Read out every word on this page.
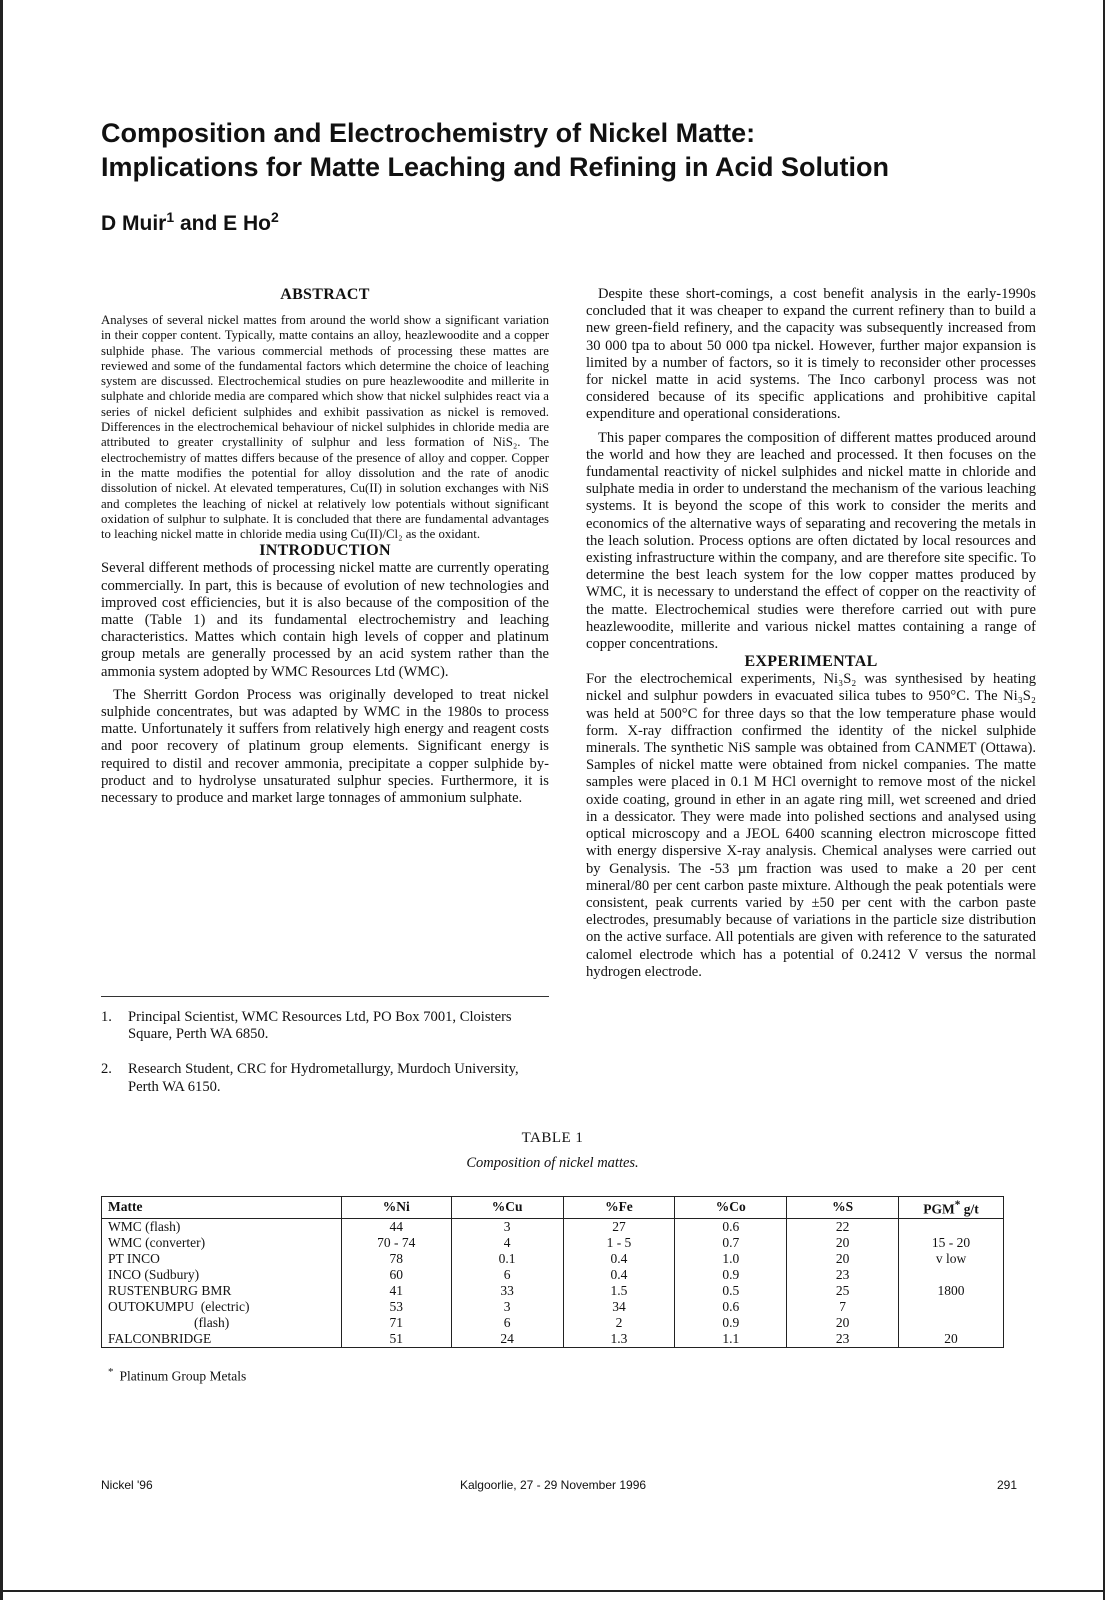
Composition and Electrochemistry of Nickel Matte:
Implications for Matte Leaching and Refining in Acid Solution
D Muir$^1$ and E Ho$^2$
ABSTRACT

Analyses of several nickel mattes from around the world show a significant variation in their copper content. Typically, matte contains an alloy, heazlewoodite and a copper sulphide phase. The various commercial methods of processing these mattes are reviewed and some of the fundamental factors which determine the choice of leaching system are discussed. Electrochemical studies on pure heazlewoodite and millerite in sulphate and chloride media are compared which show that nickel sulphides react via a series of nickel deficient sulphides and exhibit passivation as nickel is removed. Differences in the electrochemical behaviour of nickel sulphides in chloride media are attributed to greater crystallinity of sulphur and less formation of NiS₂. The electrochemistry of mattes differs because of the presence of alloy and copper. Copper in the matte modifies the potential for alloy dissolution and the rate of anodic dissolution of nickel. At elevated temperatures, Cu(II) in solution exchanges with NiS and completes the leaching of nickel at relatively low potentials without significant oxidation of sulphur to sulphate. It is concluded that there are fundamental advantages to leaching nickel matte in chloride media using Cu(II)/Cl₂ as the oxidant.

INTRODUCTION

Several different methods of processing nickel matte are currently operating commercially. In part, this is because of evolution of new technologies and improved cost efficiencies, but it is also because of the composition of the matte (Table 1) and its fundamental electrochemistry and leaching characteristics. Mattes which contain high levels of copper and platinum group metals are generally processed by an acid system rather than the ammonia system adopted by WMC Resources Ltd (WMC).

The Sherritt Gordon Process was originally developed to treat nickel sulphide concentrates, but was adapted by WMC in the 1980s to process matte. Unfortunately it suffers from relatively high energy and reagent costs and poor recovery of platinum group elements. Significant energy is required to distil and recover ammonia, precipitate a copper sulphide by-product and to hydrolyse unsaturated sulphur species. Furthermore, it is necessary to produce and market large tonnages of ammonium sulphate.

1.	Principal Scientist, WMC Resources Ltd, PO Box 7001, Cloisters Square, Perth WA 6850.
2.	Research Student, CRC for Hydrometallurgy, Murdoch University, Perth WA 6150.

Despite these short-comings, a cost benefit analysis in the early-1990s concluded that it was cheaper to expand the current refinery than to build a new green-field refinery, and the capacity was subsequently increased from 30 000 tpa to about 50 000 tpa nickel. However, further major expansion is limited by a number of factors, so it is timely to reconsider other processes for nickel matte in acid systems. The Inco carbonyl process was not considered because of its specific applications and prohibitive capital expenditure and operational considerations.

This paper compares the composition of different mattes produced around the world and how they are leached and processed. It then focuses on the fundamental reactivity of nickel sulphides and nickel matte in chloride and sulphate media in order to understand the mechanism of the various leaching systems. It is beyond the scope of this work to consider the merits and economics of the alternative ways of separating and recovering the metals in the leach solution. Process options are often dictated by local resources and existing infrastructure within the company, and are therefore site specific. To determine the best leach system for the low copper mattes produced by WMC, it is necessary to understand the effect of copper on the reactivity of the matte. Electrochemical studies were therefore carried out with pure heazlewoodite, millerite and various nickel mattes containing a range of copper concentrations.

EXPERIMENTAL

For the electrochemical experiments, Ni₃S₂ was synthesised by heating nickel and sulphur powders in evacuated silica tubes to 950°C. The Ni₃S₂ was held at 500°C for three days so that the low temperature phase would form. X-ray diffraction confirmed the identity of the nickel sulphide minerals. The synthetic NiS sample was obtained from CANMET (Ottawa). Samples of nickel matte were obtained from nickel companies. The matte samples were placed in 0.1 M HCl overnight to remove most of the nickel oxide coating, ground in ether in an agate ring mill, wet screened and dried in a dessicator. They were made into polished sections and analysed using optical microscopy and a JEOL 6400 scanning electron microscope fitted with energy dispersive X-ray analysis. Chemical analyses were carried out by Genalysis. The -53 µm fraction was used to make a 20 per cent mineral/80 per cent carbon paste mixture. Although the peak potentials were consistent, peak currents varied by ±50 per cent with the carbon paste electrodes, presumably because of variations in the particle size distribution on the active surface. All potentials are given with reference to the saturated calomel electrode which has a potential of 0.2412 V versus the normal hydrogen electrode.

TABLE 1
Composition of nickel mattes.
Matte	%Ni	%Cu	%Fe	%Co	%S	PGM* g/t
WMC (flash)	44	3	27	0.6	22	
WMC (converter)	70 - 74	4	1 - 5	0.7	20	15 - 20
PT INCO	78	0.1	0.4	1.0	20	v low
INCO (Sudbury)	60	6	0.4	0.9	23	
RUSTENBURG BMR	41	33	1.5	0.5	25	1800
OUTOKUMPU  (electric)	53	3	34	0.6	7	
(flash)	71	6	2	0.9	20	
FALCONBRIDGE	51	24	1.3	1.1	23	20
* Platinum Group Metals
Nickel '96	Kalgoorlie, 27 - 29 November 1996	291
